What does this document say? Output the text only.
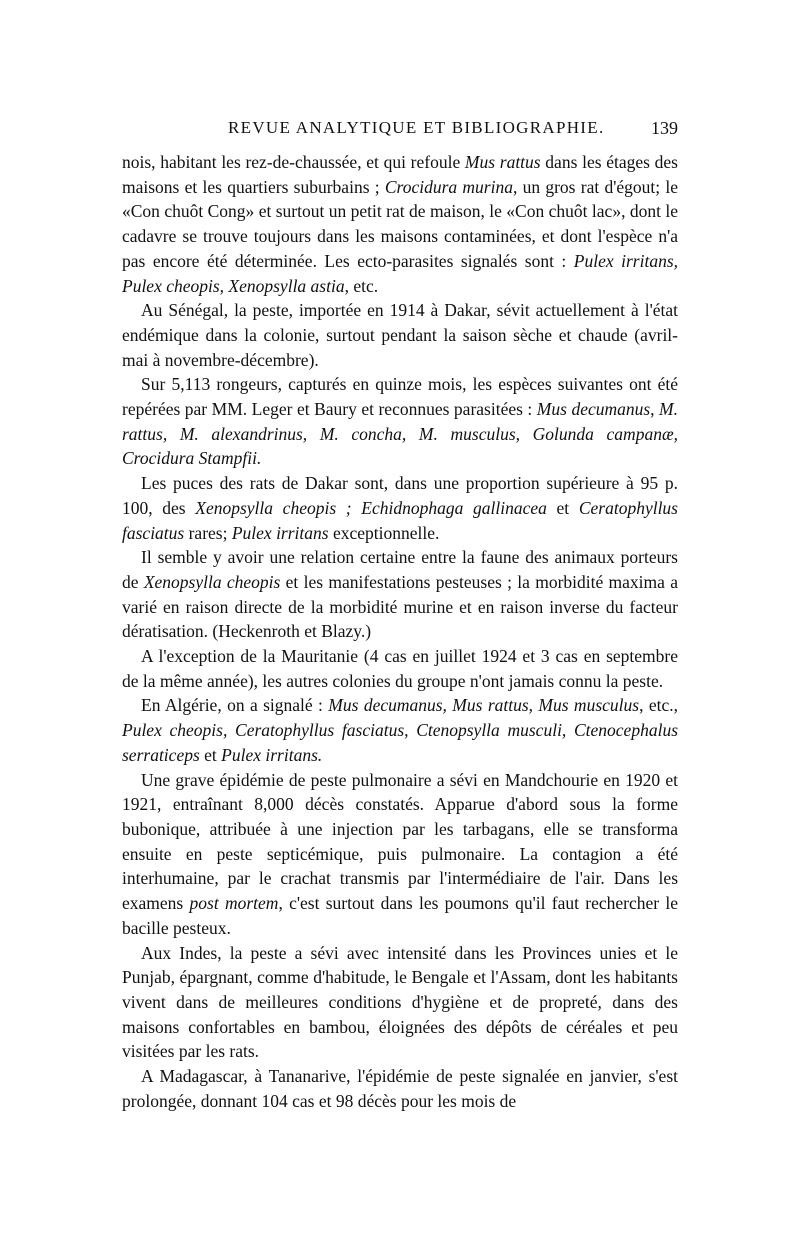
REVUE ANALYTIQUE ET BIBLIOGRAPHIE.	139

nois, habitant les rez-de-chaussée, et qui refoule Mus rattus dans les étages des maisons et les quartiers suburbains ; Crocidura murina, un gros rat d'égout; le «Con chuôt Cong» et surtout un petit rat de maison, le «Con chuôt lac», dont le cadavre se trouve toujours dans les maisons contaminées, et dont l'espèce n'a pas encore été déterminée. Les ecto-parasites signalés sont : Pulex irritans, Pulex cheopis, Xenopsylla astia, etc.

Au Sénégal, la peste, importée en 1914 à Dakar, sévit actuellement à l'état endémique dans la colonie, surtout pendant la saison sèche et chaude (avril-mai à novembre-décembre).

Sur 5,113 rongeurs, capturés en quinze mois, les espèces suivantes ont été repérées par MM. Leger et Baury et reconnues parasitées : Mus decumanus, M. rattus, M. alexandrinus, M. concha, M. musculus, Golunda campanæ, Crocidura Stampfii.

Les puces des rats de Dakar sont, dans une proportion supérieure à 95 p. 100, des Xenopsylla cheopis ; Echidnophaga gallinacea et Ceratophyllus fasciatus rares; Pulex irritans exceptionnelle.

Il semble y avoir une relation certaine entre la faune des animaux porteurs de Xenopsylla cheopis et les manifestations pesteuses ; la morbidité maxima a varié en raison directe de la morbidité murine et en raison inverse du facteur dératisation. (Heckenroth et Blazy.)

A l'exception de la Mauritanie (4 cas en juillet 1924 et 3 cas en septembre de la même année), les autres colonies du groupe n'ont jamais connu la peste.

En Algérie, on a signalé : Mus decumanus, Mus rattus, Mus musculus, etc., Pulex cheopis, Ceratophyllus fasciatus, Ctenopsylla musculi, Ctenocephalus serraticeps et Pulex irritans.

Une grave épidémie de peste pulmonaire a sévi en Mandchourie en 1920 et 1921, entraînant 8,000 décès constatés. Apparue d'abord sous la forme bubonique, attribuée à une injection par les tarbagans, elle se transforma ensuite en peste septicémique, puis pulmonaire. La contagion a été interhumaine, par le crachat transmis par l'intermédiaire de l'air. Dans les examens post mortem, c'est surtout dans les poumons qu'il faut rechercher le bacille pesteux.

Aux Indes, la peste a sévi avec intensité dans les Provinces unies et le Punjab, épargnant, comme d'habitude, le Bengale et l'Assam, dont les habitants vivent dans de meilleures conditions d'hygiène et de propreté, dans des maisons confortables en bambou, éloignées des dépôts de céréales et peu visitées par les rats.

A Madagascar, à Tananarive, l'épidémie de peste signalée en janvier, s'est prolongée, donnant 104 cas et 98 décès pour les mois de
